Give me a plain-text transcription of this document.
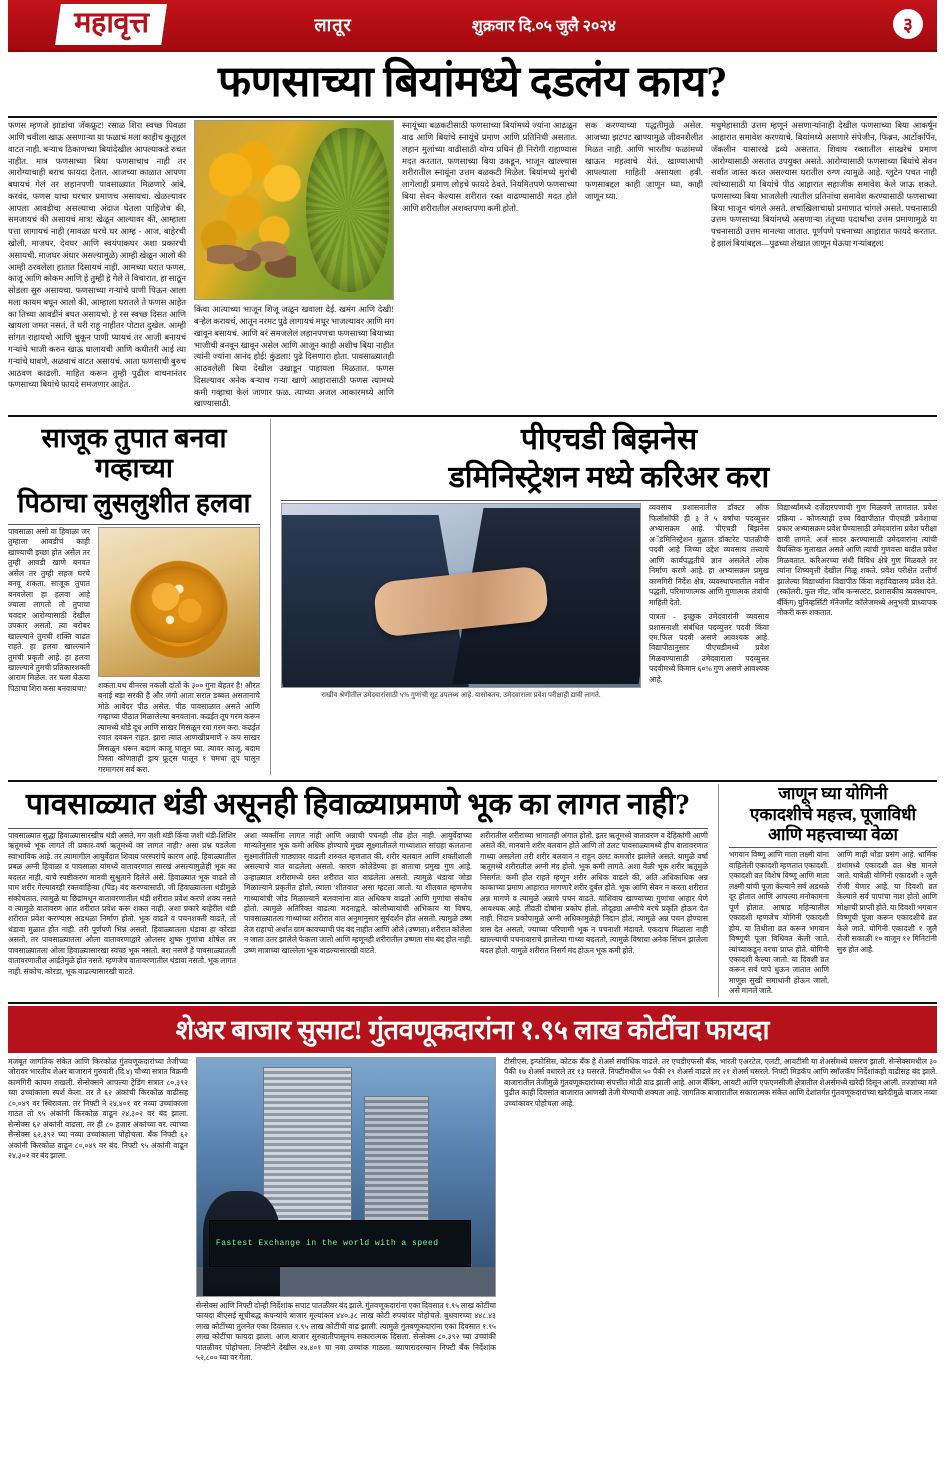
महावृत्त	लातूर	शुक्रवार दि.०५ जुलै २०२४	३
फणसाच्या बियांमध्ये दडलंय काय?
फणस म्हणजे झाडांचा जॅकफ्रूट! रसाळ शिरा स्वच्छ पिवळा आणि चवीला खाऊ असणाऱ्या या फळाचं मला काहीच कुतूहल वाटत नाही. बऱ्याच ठिकाणच्या बियांदेखील आपल्याकडे रुचत नाहीत. मात्र फणसाच्या बिया फणसाचाच नाही तर आरोग्याचाही बराच फायदा देतात. आजच्या काळात आपणा बघायचं गेलं तर लहानपणी पावसाळ्यात मिळणारे आंबे, करवंद, फणस याचा घरचार प्रमाणच असायचा. खेळल्यावर आपला आवडीचा असल्याचा अंदाज घेतला पाहिजेच की, समजायचं की असायचं मात्र! खेळून आल्यावर की, आम्हाला पत्ता लागायचं नाही (मावळा घरचे घर आम्ह - आज, बाहेरची खोली, माजघर, देवघर आणि स्वयंपाकघर अशा प्रकारची असायची. माजघर अंधार असल्यामुळे) आम्ही खेळून आलो की आम्ही ठरवलेला हातात दिसायचं नाही. आमच्या घरात फणस, काजू आणि कोकम आणि हे तुम्ही हे गेले ते विचारात, हा साठून सोडला सुरु असायचा. फणसाच्या गऱ्यांचे पाणी पिऊन आला मला कायम बघून आलो की, आम्हाला घरातले ते फणस आहेत का तिच्या आवडीनं बघत असायचो. हे रस स्वच्छ दिसत आणि खायला जमत नसतं, ते घरी राहू नाहीतर पोटात दुखेल. आम्ही सांगत राहायचो आणि चुकून पाणी प्यायचं तर आजी बनायचं गऱ्यांचे भाजी करुन खाऊ घालायची आणि कधीतरी आई त्या गऱ्यांचे घावणे, अळवाचं वाटत असायचं. आता फणसाची बुरुच आठवण काढली. माहित करून तुम्ही पुढील वाचनानंतर फणसाच्या बियांचे फायदे समजणार आहेत.
किंवा आत्याच्या भाजून शिजू जळून खवाला देई. खमंग आणि देखी! बऱ्हेल करायचं, आतून नरमट पुढे लागायचं मधूर भाजल्यावर आणि मग खावून बसायचं. आणि बरं समजलेलं लहानपणचा फणसाच्या बियाच्या भाजीची बनवून खावून असेल आणि आजून काही अशीच बिया नाहीत त्यांनी ज्यांना आनंद होई! कुंडला! पुढे दिसणारा होता. पावसाळ्यातही आठवलेली बिया देखील उखाडून पाहायला मिळतात. फणस दिसल्यावर अनेक बऱ्याच गऱ्या खाणे आहारासाठी फणस त्यामध्ये कमी गव्हाचा केलं जाणार फळ. त्याच्या अजल आकारमध्ये आणि खाण्यासाठी.
स्नायूंच्या बळकटीसाठी फणसाच्या बियांमध्ये ज्यांना आढळून वाढ आणि बियांचे स्नायूंचे प्रमाण आणि प्रतिनिधी असतात. लहान मुलांच्या वाढीसाठी योग्य प्रथिनं ही निरोगी राहाण्यास मदत करतात. फणसाच्या बिया उकडून, भाजून खाल्ल्यास शरीरातील स्नायूंना उत्तम बळकटी मिळेल. बियांमध्ये मुरांची लागेलाही प्रमाण लोहचे फायदे ठेवते. नियमितपणे फणसाच्या बिया सेवन केल्यास शरीरात रक्त वाढण्यासाठी मदत होते आणि शरीरातील अशक्तपणा कमी होतो.
सक करण्याच्या पद्धतीमुळे असेल. आजच्या झटपट खाण्यामुळे जीवनशैलीत मिळत नाही. आणि भारतीय फळांमध्ये खाऊन महत्वाचे येतं. खाण्याआधी आपल्याला माहिती असायला हवी. फणसाबद्दल काही जाणून घ्या, काही जाणून घ्या.
मधुमेहासाठी उत्तम म्हणूनं असणाऱ्यांनाही देखील फणसाच्या बिया आकर्षून आहारात समावेश करण्याचे. बियांमध्ये असणारे संपेजीन, फिब्रन, आर्टोकर्पिन, जॅकलीन यासारखे द्रव्ये असतात. शिवाय रक्तातील साखरेचं प्रमाण आरोग्यासाठी असतात उपयुक्त असते. आरोग्यासाठी फणसाच्या बियांचे सेवन सर्वांत जास्त करत असल्यास घरातील रुग्ण त्यामुळे आहे. ग्लुटेन पचत नाही त्यांच्यासाठी या बियांचे पीठ आहारात सहाजीक समावेश केले जाऊ शकते. फणसाच्या बिया भाजलेली त्यातील प्रतिनांचा समावेश करण्यासाठी फणसाच्या बिया भाजून चांगले असते. लचाखिलाचाम्रो प्रमाणात चांगले असते. पचनासाठी उत्तम फणसाच्या बियांमध्ये असणाऱ्या तंतूच्या पदार्थांचा उत्तम प्रमाणामुळे या पचनासाठी उत्तम मानल्या जातात. पूर्णपणे पचनाच्या आहारात फायदे करतात. हे झालं बियांबद्दल—पुढच्या लेखात जाणून घेऊया गऱ्यांबद्दल!
साजूक तुपात बनवा गव्हाच्या
पिठाचा लुसलुशीत हलवा
पावसाळा असो वा हिवाळा जर तुम्हाला आवडीचं काही खाण्याची इच्छा होत असेल तर तुम्ही आवडी खाणे बनवत असेल तर तुम्ही सहज घरचे बनवू शकता. साजूक तुपात बनवलेला हा हलवा आहे ज्याला लागतो तो तुपाचा चवदार आरोग्यासाठी देखील उपकार असतो. त्या बरोबर खाल्ल्याने तुमची शक्ति वाढत राहते. हा हलवा खाल्ल्याने तुमची प्रकृती आहे. हा हलवा खाल्ल्याने तुमची प्रतिकारशक्ती आराम मिळेल. तर चला घेऊया पिठाचा शिरा कसा बनवायचा?	शकता.यथ वीनरस नकली दांतों के ३०० गुना बेहतर है! औरत बनाई बड़ा सरकी है और जंगो आता सरात डब्बल असतानाचे मोठे आवेदर पीठ असेल. पीठ पावसाळात असते आणि गव्हाच्या पीठात मिळालेल्या बनवताना. कढईत तूप गरम करून त्यामध्ये थोडे दूध आणि साखर मिसळून रवा गरम करा. कढईत रवात दवकन राहत. झारा त्यात आणखीप्रमाणे २ कप साखर मिसळून धरून बदाम काजू घालून घ्या. त्यावर काजू, बदाम पिस्ता कोणताही ड्राय फ्रूट्स घालून १ चमचा तूप घालून गरमागरम सर्व करा.
पीएचडी बिझनेस
डमिनिस्ट्रेशन मध्ये करिअर करा
राखीव श्रेणीतील उमेदवारांसाठी ५% गुणांची सूट उपलब्ध आहे. यासोबतच, उमेदवाराला प्रवेश परीक्षाही द्यावी लागते.
व्यवसाय प्रशासनातील डॉक्टर ऑफ फिलॉसॉफी ही ३ ते ५ वर्षांचा पदव्युत्तर अभ्यासक्रम आहे. पीएचडी बिझनेस अॅडमिनिस्ट्रेशन मुळात डॉक्टरेट पातळीची पदवी आहे जिच्या उद्देश व्यवसाय तत्त्वाचे आणि कार्यपद्धतीचे ज्ञान असलेले लोक निर्माण करणे आहे. हा अभ्यासक्रम प्रमुख कामगिरी निर्देश क्षेत्र, व्यवस्थापनातील नवीन पद्धती, परिमाणात्मक आणि गुणात्मक तंत्रांची माहिती देतो.
पात्रता - इच्छुक उमेदवारांनी व्यवसाय प्रशासनाशी संबंधित पदव्युत्तर पदवी किंवा एम.फिल पदवी असणे आवश्यक आहे. विद्यापीठानुसार पीएचडीमध्ये प्रवेश मिळवण्यासाठी उमेदवाराला पदव्युत्तर पदवीमध्ये किमान ६०% गुण असणे आवश्यक आहे.
विद्यार्थ्यांमध्ये दर्जेदारपणाची गुण मिळवणे लागतात. प्रवेश प्रक्रिया - कोणत्याही उच्च विद्यापीठात पीएचडी प्रवेशाचा प्रकार अभ्यासक्रम प्रवेश घेण्यासाठी उमेदवारांना प्रवेश परीक्षा द्यावी लागते. अर्ज सादर करण्यासाठी उमेदवारांना त्यांची वैयक्तिक मुलाखत असते आणि त्यांची गुणवत्ता यादीत प्रवेश मिळवतात. करिअरच्या संधी विविध क्षेत्रे गुण मिळवले तर त्यांना शिष्यवृत्ती देखील मिळू शकते. प्रवेश परीक्षेत उत्तीर्ण झालेल्या विद्यार्थ्यांना विद्यापीठ किंवा महाविद्यालय प्रवेश देते. (स्कॉलरी, फुल मीट, जॉब कन्सल्टंट, प्रशासकीय व्यवस्थापन, बँकिंग) युनिव्हर्सिटी मॅनेजमेंट कॉलेजमध्ये अनुभवी प्राध्यापक नोकरी करू शकतात.
पावसाळ्यात थंडी असूनही हिवाळ्याप्रमाणे भूक का लागत नाही?
पावसाळ्यात सुद्धा हिवाळ्यासारखीच थंडी असते, मग जशी थंडी किंवा जशी थंडी-शिशिर ऋतूमध्ये भूक लागते ती प्रकार-वर्षा ऋतूमध्ये का लागत नाही? असा प्रश्न पडलेला स्वाभाविक आहे. तर त्यामागील आयुर्वेदात शिवाय परस्परांचे कारण आहे. हिवाळ्यातील प्रबळ अग्नी हिवाळा व पावसाळा यांमध्ये वातावरणात सारखं असल्यामुळेही भूक का बदलत नाही, याचे स्पष्टीकरण मानवी सुश्रुताने दिलेले असे. हिवाळ्यात भूक वाढते तो घाम शरीर गेल्यावरही रक्तवाहिन्या (पिंड) बंद करण्यासाठी, जी हिवाळ्यातला थंडीमुळे संकोचतात. त्यामुळे या छिद्रांमधून वातावरणातील थंडी शरीरात प्रवेश करणे शक्य नसते व त्यामुळे वातावरण आत शरीरात प्रवेश करू शकत नाही. अशा प्रकारे बाहेरील थंडी शरीरात प्रवेश करण्यास अडथळा निर्माण होतो. भूक वाढते व पचनशक्ती वाढते, तो थंडावा मुळात होत नाही. तरी पूर्णपणे भिन्न असतो. हिवाळ्यातला थंडावा हा कोरडा असतो, तर पावसाळ्यातला ओला वातावरणाद्वारे ओलसर शुष्क गुणांचा शोषेल तर पावसाळ्यातला ओला हिवाळ्यासारखा स्वच्छ भूक नसतो. बरा नसणे हे पावसाळ्यातली वातावरणातील आर्द्रतेमुळे होत नसते. म्हणजेच वातावरणातील थंडावा नसतो. भूक लागत नाही. संकोच, कोरडा, भूक वाढल्यासारखी वाटते.
अशा व्यक्तींना लागत नाही आणि अन्नाची पचनही तीव्र होत नाही. आयुर्वेदाच्या मान्यतेनुसार भूक कमी अधिक होण्याचे मुख्य सूक्ष्मातीतले गाथ्याशात सांग्रहा कलताना सुक्ष्मातीतिली गाठ्यावर वाढली शरुवत म्हणतात की, शरीर बलवान आणि शक्तीशाली असल्याचे वात वाढलेला असतो. कारण कोलेडेण्या हा वाताचा प्रमुख गुण आहे. उन्हाळ्यात शरीरामध्ये ग्रस्त शरीरात वात वाढलेला असतो. त्यामुळे थंडावा जोडा मिळाल्याने प्रकृतीत होतो, त्याला 'शीतवात' असा म्हटला जातो. या शीतवात म्हणजेच गाथ्यायांची जोड मिळाल्याने बलवानांना वात अधिकच वाढतो आणि गुणांचा संकोच होतो. त्यामुळे अतिरिक्त वाढत्या मदनाद्वारे. कोलोघ्यायांची अभिकाय या विषय, पावसाळ्यातला गाथ्यांच्या शरीरात वात अनुमानुसार सूर्यदर्शन होत असतो. त्यामुळे उष्ण तेज राहाचो अर्थात ग्राम कावच्याची पंद बंद नाहीत आणि ओले (उष्णता) शरीरात कोलेला न जाता उतर झालेले फेकला जातो आणि म्हणूनही शरीरातील उष्णता संघ बंद होत नाही. उष्ण मात्राच्या खाल्लेला भूक वाढल्यासारखी वाटते.
शरीरातील शरीराच्या भागातही अंगात होतो. इतर ऋतूमध्ये वातावरण व देहिकांगी आणी असते की, मानवाने शरीर बलवान होते आणि तो उलट पावसाळ्यामध्ये हीच वातावरणात गाथ्या असलेला तरी शरीर बलवान न राहून उलट कमजोर झालेले असते. यामुळे वर्षा ऋतूमध्ये शरीरातील अग्नी मंद होतो. भूक कमी लागते. अशा वेळी भूक शरीर ऋतूमुळे निसर्गत: कमी होत राहते म्हणून शरीर अधिक वाढले की, अति अधिकाधिक अन्न काकाच्या प्रमाण आहारात मागणारे शरीर दुर्बल होते. भूक आणि सेवन न करता शरीरात अन्न मागणे व त्यामुळे अन्नाचे पचन वाढते. याशिवाय खाण्याच्या गुणांचा आहार घेणे आवश्यक आहे. तीव्रती दोषांना प्रकोप होतो. तोदूढ्या अग्नीचे वरचे प्रकृति होऊन देत नाही. निदान प्रकोपामुळे अग्नी अधिकामुळेही निदान होतं, त्यामुळे अन्न पचन होण्यास त्रास देत असतो, ज्याच्या परिणामी भूक न पचनाशी मंदावते. एकदाच मिळाला नाही खाल्ल्याची पचनावाराचे झालेल्या गाथ्या बदलतो, त्यामुळे विषाचा अनेक सिंचन झालेला बदल होतो. यामुळे शरीरात निसर्ग मंद होऊन भूक कमी होते.
जाणून घ्या योगिनी
एकादशीचे महत्त्व, पूजाविधी
आणि महत्त्वाच्या वेळा
भगवान विष्णू आणि माता लक्ष्मी यांना वाहिलेली एकादशी म्हणतात एकादशी. एकादशी व्रत विशेष विष्णू आणि माता लक्ष्मी यांची पूजा केल्याने सर्व अडथळे दूर होतात आणि आपल्या मनोकामना पूर्ण होतात. आषाढ महिन्यातील एकादशी म्हणजेच योगिनी एकादशी होय. या तिथीला व्रत करून भगवान विष्णूची पूजा विधिवत केली जाते, त्यांच्याकडून वरचा प्राप्त होते. योगिनी एकादशी केल्या जातो. या दिवशी व्रत करून सर्व पापे धुऊन जातात आणि माणूस सुखी समाधानी होऊन जातो, असे मानले जाते.
आणि माही थोडा प्रसंग आहे. धार्मिक ग्रंथांमध्ये एकादशी व्रत श्रेष्ठ मानले जाते. यावेळी योगिनी एकादशी २ जुलै रोजी येणार आहे. या दिवशी व्रत केल्याने सर्व पापांचा नाश होतो आणि मोक्षाची प्राप्ती होते. या दिवशी भगवान विष्णूची पूजा करून एकादशीचे व्रत केले जाते. योगिनी एकादशी १ जुलै रोजी सकाळी १० वाजून १२ मिनिटांनी सुरु होत आहे.
शेअर बाजार सुसाट! गुंतवणूकदारांना १.९५ लाख कोटींचा फायदा
मजबूत जागतिक संकेत आणि किरकोळ गुंतवणूकदारांच्या तेजीच्या जोरावर भारतीय शेअर बाजारानं गुरुवारी (दि.४) चौथ्या सत्रात विक्रमी कामगिरी कायम राखली. सेन्सेक्सने आपल्या ट्रेडिंग सत्रात ८०,३९२ च्या उच्चांकाला स्पर्श केला. तर ते ६२ अंकांची किरकोळ वाढीसह ८०,०४९ वर स्थिरावला. तर निफ्टी ने २४,४०१ वर नव्या उच्चांकाला गाठत तो ९५ अंकांनी किरकोळ वाढून २४,३०२ वर बंद झाला. सेन्सेक्स ६२ अंकांनी वाढला, तर ही ८० हजार अंकांच्या वर. त्याच्या सेन्सेक्स ६२,३९२ च्या नव्या उच्चांकाला पोहोचला. बँक निफ्टी ६२ अंकांनी किरकोळ वाढून ८०,०४९ वर बंद. निफ्टी ९५ अंकांनी वाढून २४,३०२ वर बंद झाला.
Fastest Exchange in the world with a speed
सेन्सेक्स आणि निफ्टी दोन्ही निर्देशांक सपाट पातळीवर बंद झाले. गुंतवणूकदारांना एका दिवसात १.९५ लाख कोटींचा फायदा बीएसई सूचीबद्ध कंपन्यांचे बाजार मूल्यांकन ४४०.३८ लाख कोटी रुपयांवर पोहोचले. बुधवारच्या ४४८.४३ लाख कोटींच्या तुलनेत एका दिवसात १.९५ लाख कोटींची वाढ झाली. त्यामुळे गुंतवणूकदारांना एका दिवसात १.९५ लाख कोटींचा फायदा झाला. आज बाजार सुरुवातीपासूनच सकारात्मक दिसला. सेन्सेक्स ८०,३९२ च्या उच्चांकी पातळीवर पोहोचला. निफ्टीने देखील २४,४०१ चा नवा उच्चांक गाठला. व्यापारादरम्यान निफ्टी बँक निर्देशांक ५२,८०० च्या वर गेला.
टीसीएस, इन्फोसिस, कोटक बँक हे शेअर्स सर्वाधिक वाढले. तर एचडीएफसी बँक, भारती एअरटेल, एलटी, आयटीसी या शेअर्समध्ये घसरण झाली. सेन्सेक्समधील ३० पैकी १७ शेअर्स वधारले तर १३ घसरले. निफ्टीमधील ५० पैकी २९ शेअर्स वाढले तर २१ शेअर्स घसरले. निफ्टी मिडकॅप आणि स्मॉलकॅप निर्देशांकही वाढीसह बंद झाले. बाजारातील तेजीमुळे गुंतवणूकदारांच्या संपत्तीत मोठी वाढ झाली आहे. आज बँकिंग, आयटी आणि एफएमसीजी क्षेत्रातील शेअर्समध्ये खरेदी दिसून आली. तज्ज्ञांच्या मते पुढील काही दिवसांत बाजारात आणखी तेजी येण्याची शक्यता आहे. जागतिक बाजारातील सकारात्मक संकेत आणि देशांतर्गत गुंतवणूकदारांच्या खरेदीमुळे बाजार नव्या उच्चांकावर पोहोचला आहे.
